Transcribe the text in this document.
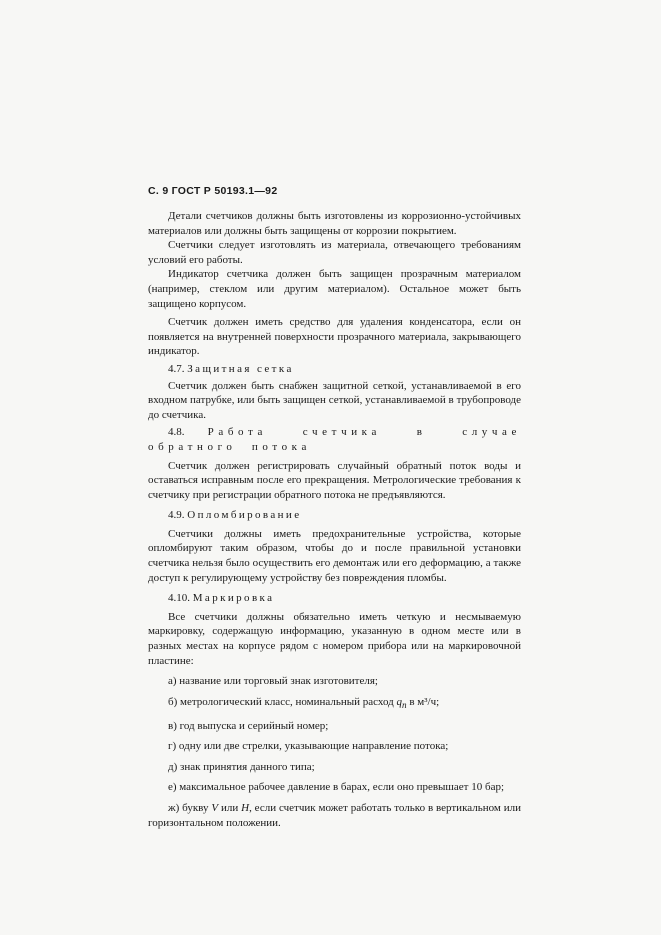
С. 9 ГОСТ Р 50193.1—92

Детали счетчиков должны быть изготовлены из коррозионно-устойчивых материалов или должны быть защищены от коррозии покрытием.

Счетчики следует изготовлять из материала, отвечающего требованиям условий его работы.

Индикатор счетчика должен быть защищен прозрачным материалом (например, стеклом или другим материалом). Остальное может быть защищено корпусом.

Счетчик должен иметь средство для удаления конденсатора, если он появляется на внутренней поверхности прозрачного материала, закрывающего индикатор.

4.7. Защитная сетка

Счетчик должен быть снабжен защитной сеткой, устанавливаемой в его входном патрубке, или быть защищен сеткой, устанавливаемой в трубопроводе до счетчика.

4.8. Работа счетчика в случае обратного потока

Счетчик должен регистрировать случайный обратный поток воды и оставаться исправным после его прекращения. Метрологические требования к счетчику при регистрации обратного потока не предъявляются.

4.9. Опломбирование

Счетчики должны иметь предохранительные устройства, которые опломбируют таким образом, чтобы до и после правильной установки счетчика нельзя было осуществить его демонтаж или его деформацию, а также доступ к регулирующему устройству без повреждения пломбы.

4.10. Маркировка

Все счетчики должны обязательно иметь четкую и несмываемую маркировку, содержащую информацию, указанную в одном месте или в разных местах на корпусе рядом с номером прибора или на маркировочной пластине:

а) название или торговый знак изготовителя;

б) метрологический класс, номинальный расход $q_n$ в м³/ч;

в) год выпуска и серийный номер;

г) одну или две стрелки, указывающие направление потока;

д) знак принятия данного типа;

е) максимальное рабочее давление в барах, если оно превышает 10 бар;

ж) букву V или H, если счетчик может работать только в вертикальном или горизонтальном положении.
